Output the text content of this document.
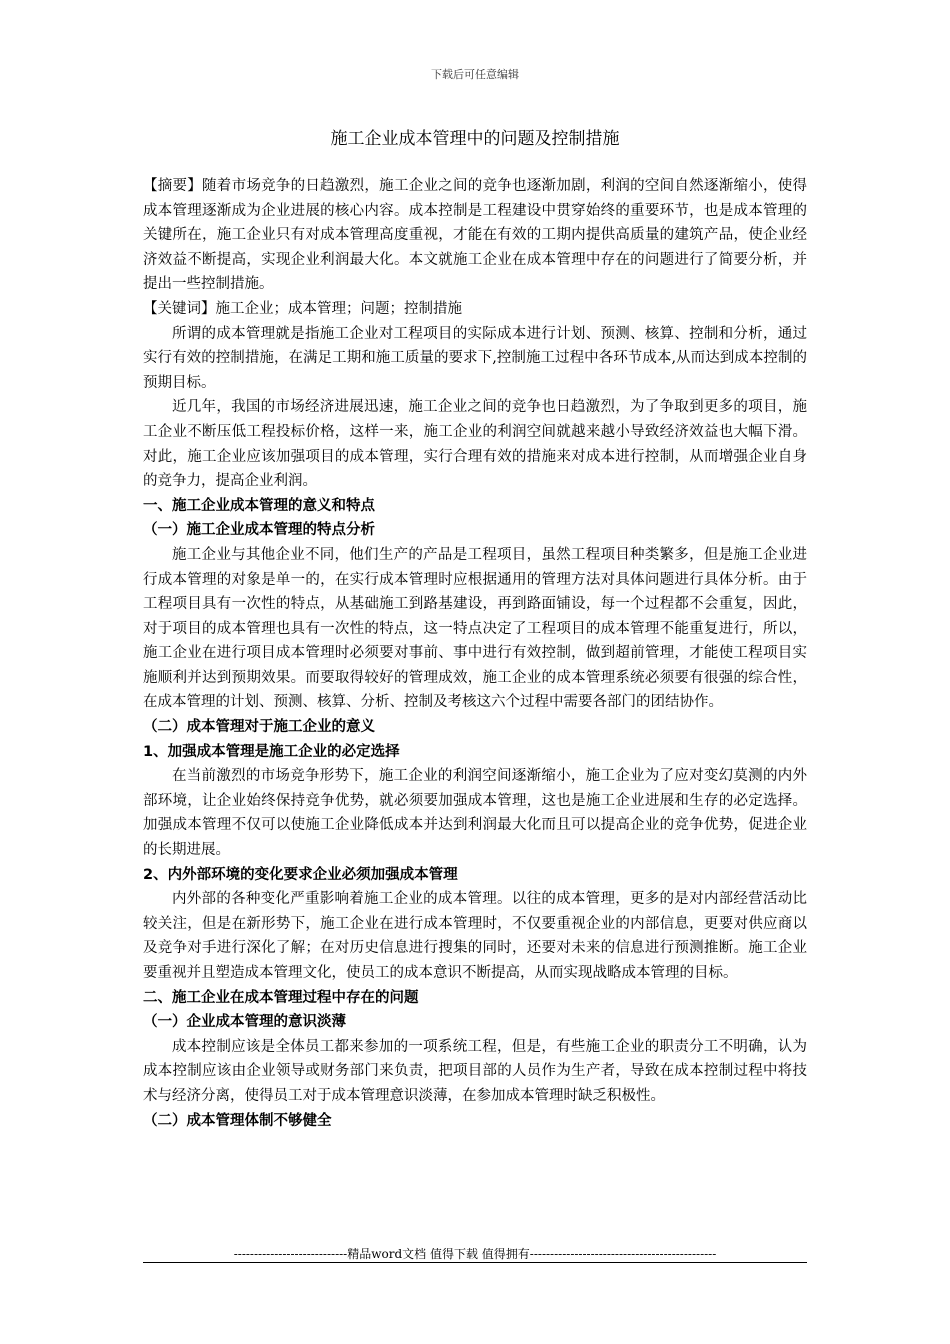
下载后可任意编辑
施工企业成本管理中的问题及控制措施

【摘要】随着市场竞争的日趋激烈，施工企业之间的竞争也逐渐加剧，利润的空间自然逐渐缩小，使得成本管理逐渐成为企业进展的核心内容。成本控制是工程建设中贯穿始终的重要环节，也是成本管理的关键所在，施工企业只有对成本管理高度重视，才能在有效的工期内提供高质量的建筑产品，使企业经济效益不断提高，实现企业利润最大化。本文就施工企业在成本管理中存在的问题进行了简要分析，并提出一些控制措施。

【关键词】施工企业；成本管理；问题；控制措施

所谓的成本管理就是指施工企业对工程项目的实际成本进行计划、预测、核算、控制和分析，通过实行有效的控制措施，在满足工期和施工质量的要求下,控制施工过程中各环节成本,从而达到成本控制的预期目标。

近几年，我国的市场经济进展迅速，施工企业之间的竞争也日趋激烈，为了争取到更多的项目，施工企业不断压低工程投标价格，这样一来，施工企业的利润空间就越来越小导致经济效益也大幅下滑。对此，施工企业应该加强项目的成本管理，实行合理有效的措施来对成本进行控制，从而增强企业自身的竞争力，提高企业利润。

一、施工企业成本管理的意义和特点

（一）施工企业成本管理的特点分析

施工企业与其他企业不同，他们生产的产品是工程项目，虽然工程项目种类繁多，但是施工企业进行成本管理的对象是单一的，在实行成本管理时应根据通用的管理方法对具体问题进行具体分析。由于工程项目具有一次性的特点，从基础施工到路基建设，再到路面铺设，每一个过程都不会重复，因此，对于项目的成本管理也具有一次性的特点，这一特点决定了工程项目的成本管理不能重复进行，所以，施工企业在进行项目成本管理时必须要对事前、事中进行有效控制，做到超前管理，才能使工程项目实施顺利并达到预期效果。而要取得较好的管理成效，施工企业的成本管理系统必须要有很强的综合性，在成本管理的计划、预测、核算、分析、控制及考核这六个过程中需要各部门的团结协作。

（二）成本管理对于施工企业的意义

1、加强成本管理是施工企业的必定选择

在当前激烈的市场竞争形势下，施工企业的利润空间逐渐缩小，施工企业为了应对变幻莫测的内外部环境，让企业始终保持竞争优势，就必须要加强成本管理，这也是施工企业进展和生存的必定选择。加强成本管理不仅可以使施工企业降低成本并达到利润最大化而且可以提高企业的竞争优势，促进企业的长期进展。

2、内外部环境的变化要求企业必须加强成本管理

内外部的各种变化严重影响着施工企业的成本管理。以往的成本管理，更多的是对内部经营活动比较关注，但是在新形势下，施工企业在进行成本管理时，不仅要重视企业的内部信息，更要对供应商以及竞争对手进行深化了解；在对历史信息进行搜集的同时，还要对未来的信息进行预测推断。施工企业要重视并且塑造成本管理文化，使员工的成本意识不断提高，从而实现战略成本管理的目标。

二、施工企业在成本管理过程中存在的问题

（一）企业成本管理的意识淡薄

成本控制应该是全体员工都来参加的一项系统工程，但是，有些施工企业的职责分工不明确，认为成本控制应该由企业领导或财务部门来负责，把项目部的人员作为生产者，导致在成本控制过程中将技术与经济分离，使得员工对于成本管理意识淡薄，在参加成本管理时缺乏积极性。

（二）成本管理体制不够健全

----------------------------精品word文档 值得下载 值得拥有----------------------------------------------
